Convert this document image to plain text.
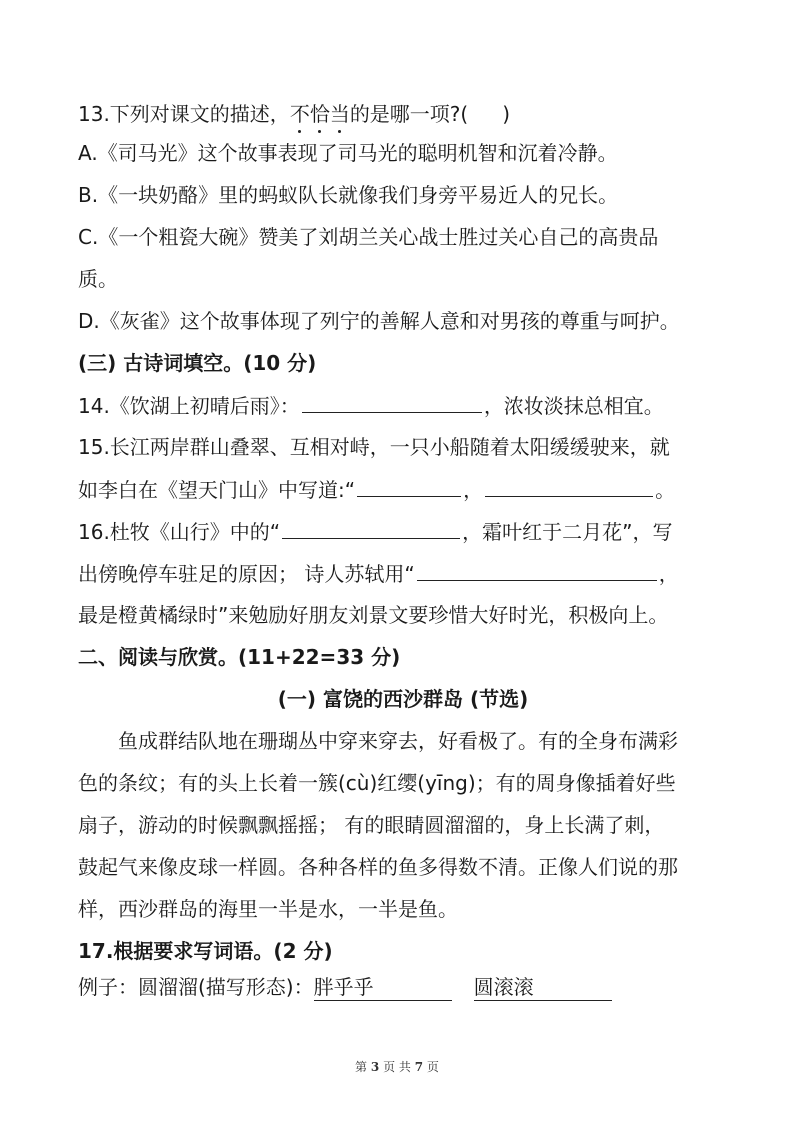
13.下列对课文的描述，不恰当的是哪一项?( )
A.《司马光》这个故事表现了司马光的聪明机智和沉着冷静。
B.《一块奶酪》里的蚂蚁队长就像我们身旁平易近人的兄长。
C.《一个粗瓷大碗》赞美了刘胡兰关心战士胜过关心自己的高贵品
质。
D.《灰雀》这个故事体现了列宁的善解人意和对男孩的尊重与呵护。
(三) 古诗词填空。(10 分)
14.《饮湖上初晴后雨》：	，浓妆淡抹总相宜。
15.长江两岸群山叠翠、互相对峙，一只小船随着太阳缓缓驶来，就
如李白在《望天门山》中写道:“	，	。
16.杜牧《山行》中的“	，霜叶红于二月花”，写
出傍晚停车驻足的原因； 诗人苏轼用“	，
最是橙黄橘绿时”来勉励好朋友刘景文要珍惜大好时光，积极向上。
二、阅读与欣赏。(11+22=33 分)
(一) 富饶的西沙群岛 (节选)
鱼成群结队地在珊瑚丛中穿来穿去，好看极了。有的全身布满彩
色的条纹；有的头上长着一簇(cù)红缨(yīng)；有的周身像插着好些
扇子，游动的时候飘飘摇摇； 有的眼睛圆溜溜的，身上长满了刺，
鼓起气来像皮球一样圆。各种各样的鱼多得数不清。正像人们说的那
样，西沙群岛的海里一半是水，一半是鱼。
17.根据要求写词语。(2 分)
例子：圆溜溜(描写形态)：胖乎乎	圆滚滚
第 3 页 共 7 页
